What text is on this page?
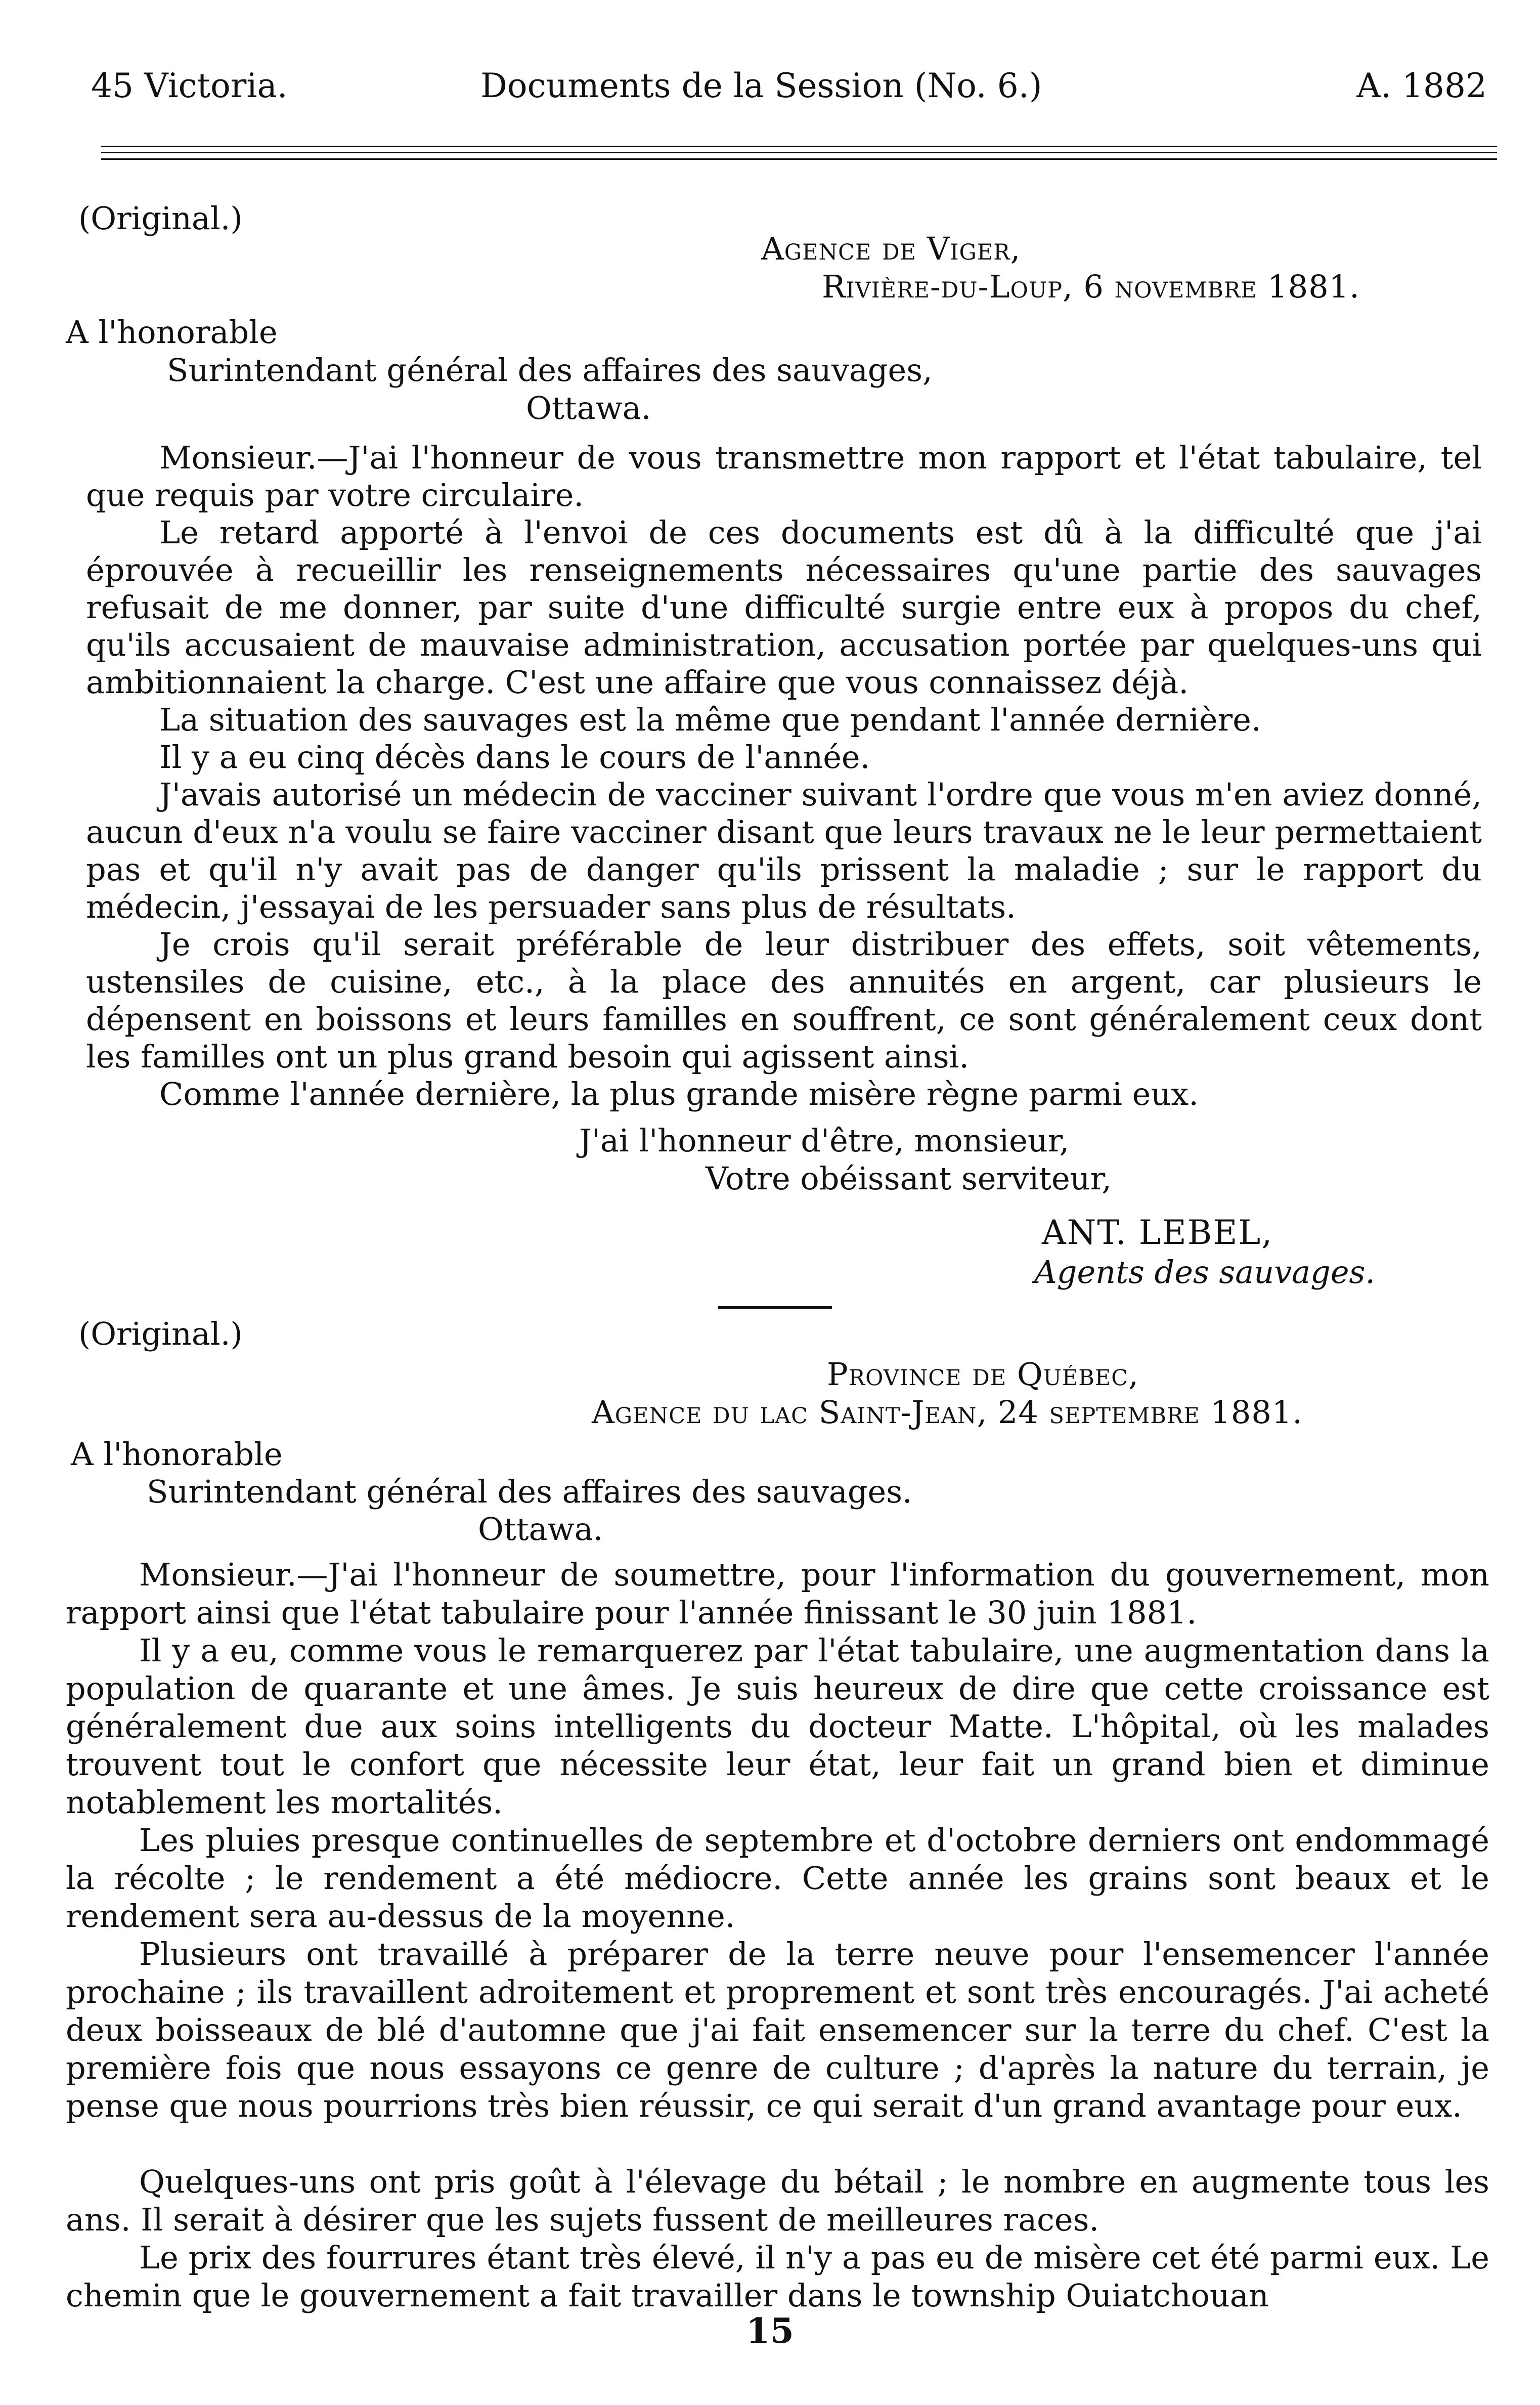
45 Victoria.	Documents de la Session (No. 6.)	A. 1882
(Original.)
Agence de Viger,
Rivière-du-Loup, 6 novembre 1881.
A l'honorable
Surintendant général des affaires des sauvages,
Ottawa.
Monsieur.—J'ai l'honneur de vous transmettre mon rapport et l'état tabulaire, tel que requis par votre circulaire.
Le retard apporté à l'envoi de ces documents est dû à la difficulté que j'ai éprouvée à recueillir les renseignements nécessaires qu'une partie des sauvages refusait de me donner, par suite d'une difficulté surgie entre eux à propos du chef, qu'ils accusaient de mauvaise administration, accusation portée par quelques-uns qui ambitionnaient la charge. C'est une affaire que vous connaissez déjà.
La situation des sauvages est la même que pendant l'année dernière.
Il y a eu cinq décès dans le cours de l'année.
J'avais autorisé un médecin de vacciner suivant l'ordre que vous m'en aviez donné, aucun d'eux n'a voulu se faire vacciner disant que leurs travaux ne le leur permettaient pas et qu'il n'y avait pas de danger qu'ils prissent la maladie ; sur le rapport du médecin, j'essayai de les persuader sans plus de résultats.
Je crois qu'il serait préférable de leur distribuer des effets, soit vêtements, ustensiles de cuisine, etc., à la place des annuités en argent, car plusieurs le dépensent en boissons et leurs familles en souffrent, ce sont généralement ceux dont les familles ont un plus grand besoin qui agissent ainsi.
Comme l'année dernière, la plus grande misère règne parmi eux.
J'ai l'honneur d'être, monsieur,
Votre obéissant serviteur,
ANT. LEBEL,
Agents des sauvages.
(Original.)
Province de Québec,
Agence du lac Saint-Jean, 24 septembre 1881.
A l'honorable
Surintendant général des affaires des sauvages.
Ottawa.
Monsieur.—J'ai l'honneur de soumettre, pour l'information du gouvernement, mon rapport ainsi que l'état tabulaire pour l'année finissant le 30 juin 1881.
Il y a eu, comme vous le remarquerez par l'état tabulaire, une augmentation dans la population de quarante et une âmes. Je suis heureux de dire que cette croissance est généralement due aux soins intelligents du docteur Matte. L'hôpital, où les malades trouvent tout le confort que nécessite leur état, leur fait un grand bien et diminue notablement les mortalités.
Les pluies presque continuelles de septembre et d'octobre derniers ont endommagé la récolte ; le rendement a été médiocre. Cette année les grains sont beaux et le rendement sera au-dessus de la moyenne.
Plusieurs ont travaillé à préparer de la terre neuve pour l'ensemencer l'année prochaine ; ils travaillent adroitement et proprement et sont très encouragés. J'ai acheté deux boisseaux de blé d'automne que j'ai fait ensemencer sur la terre du chef. C'est la première fois que nous essayons ce genre de culture ; d'après la nature du terrain, je pense que nous pourrions très bien réussir, ce qui serait d'un grand avantage pour eux.
Quelques-uns ont pris goût à l'élevage du bétail ; le nombre en augmente tous les ans. Il serait à désirer que les sujets fussent de meilleures races.
Le prix des fourrures étant très élevé, il n'y a pas eu de misère cet été parmi eux. Le chemin que le gouvernement a fait travailler dans le township Ouiatchouan
15
